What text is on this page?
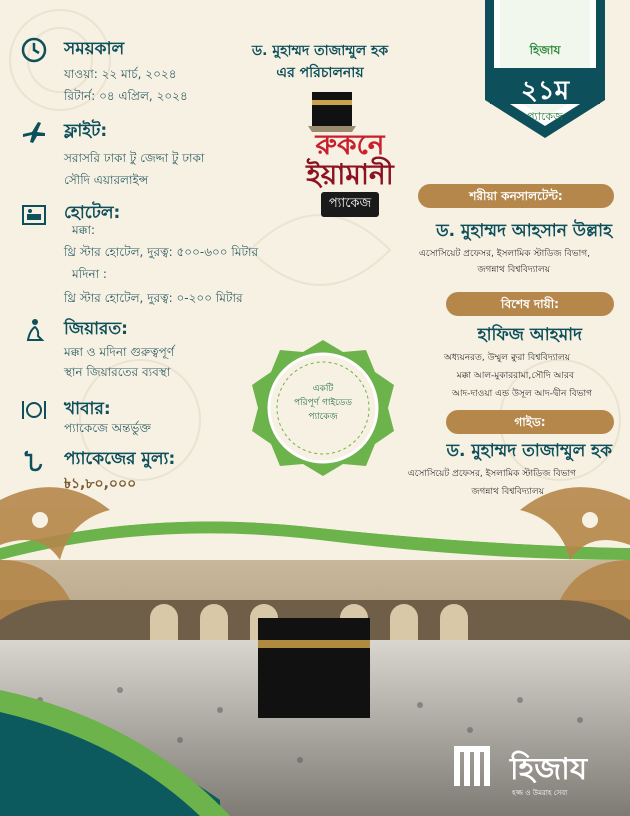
হিজায
২১ম
প্যাকেজ
সময়কাল
যাওয়া: ২২ মার্চ, ২০২৪
রিটার্ন: ০৪ এপ্রিল, ২০২৪
ফ্লাইট:
সরাসরি ঢাকা টু জেদ্দা টু ঢাকা
সৌদি এয়ারলাইন্স
হোটেল:
মক্কা:
থ্রি স্টার হোটেল, দুরত্ব: ৫০০-৬০০ মিটার
মদিনা :
থ্রি স্টার হোটেল, দুরত্ব: ০-২০০ মিটার
জিয়ারত:
মক্কা ও মদিনা গুরুত্বপূর্ণ
স্থান জিয়ারতের ব্যবস্থা
খাবার:
প্যাকেজে অন্তর্ভুক্ত
প্যাকেজের মুল্য:
৳১,৮০,০০০
ড. মুহাম্মদ তাজাম্মুল হক
এর পরিচালনায়
রুকনে
ইয়ামানী
প্যাকেজ
একটি
পরিপূর্ণ গাইডেড
প্যাকেজ
শরীয়া কনসালটেন্ট:
ড. মুহাম্মদ আহসান উল্লাহ
এসোসিয়েট প্রফেসর, ইসলামিক স্টাডিজ বিভাগ,
জগন্নাথ বিশ্ববিদ্যালয়
বিশেষ দায়ী:
হাফিজ আহমাদ
অধ্যয়নরত, উম্মুল ক্বুরা বিশ্ববিদ্যালয়
মক্কা আল-মুকাররামা,সৌদি আরব
আদ-দাওয়া এন্ড উসূল আদ-দ্বীন বিভাগ
গাইড:
ড. মুহাম্মদ তাজাম্মুল হক
এসোসিয়েট প্রফেসর, ইসলামিক স্টাডিজ বিভাগ
জগন্নাথ বিশ্ববিদ্যালয়
হিজায
হজ্জ ও উমরাহ সেবা
